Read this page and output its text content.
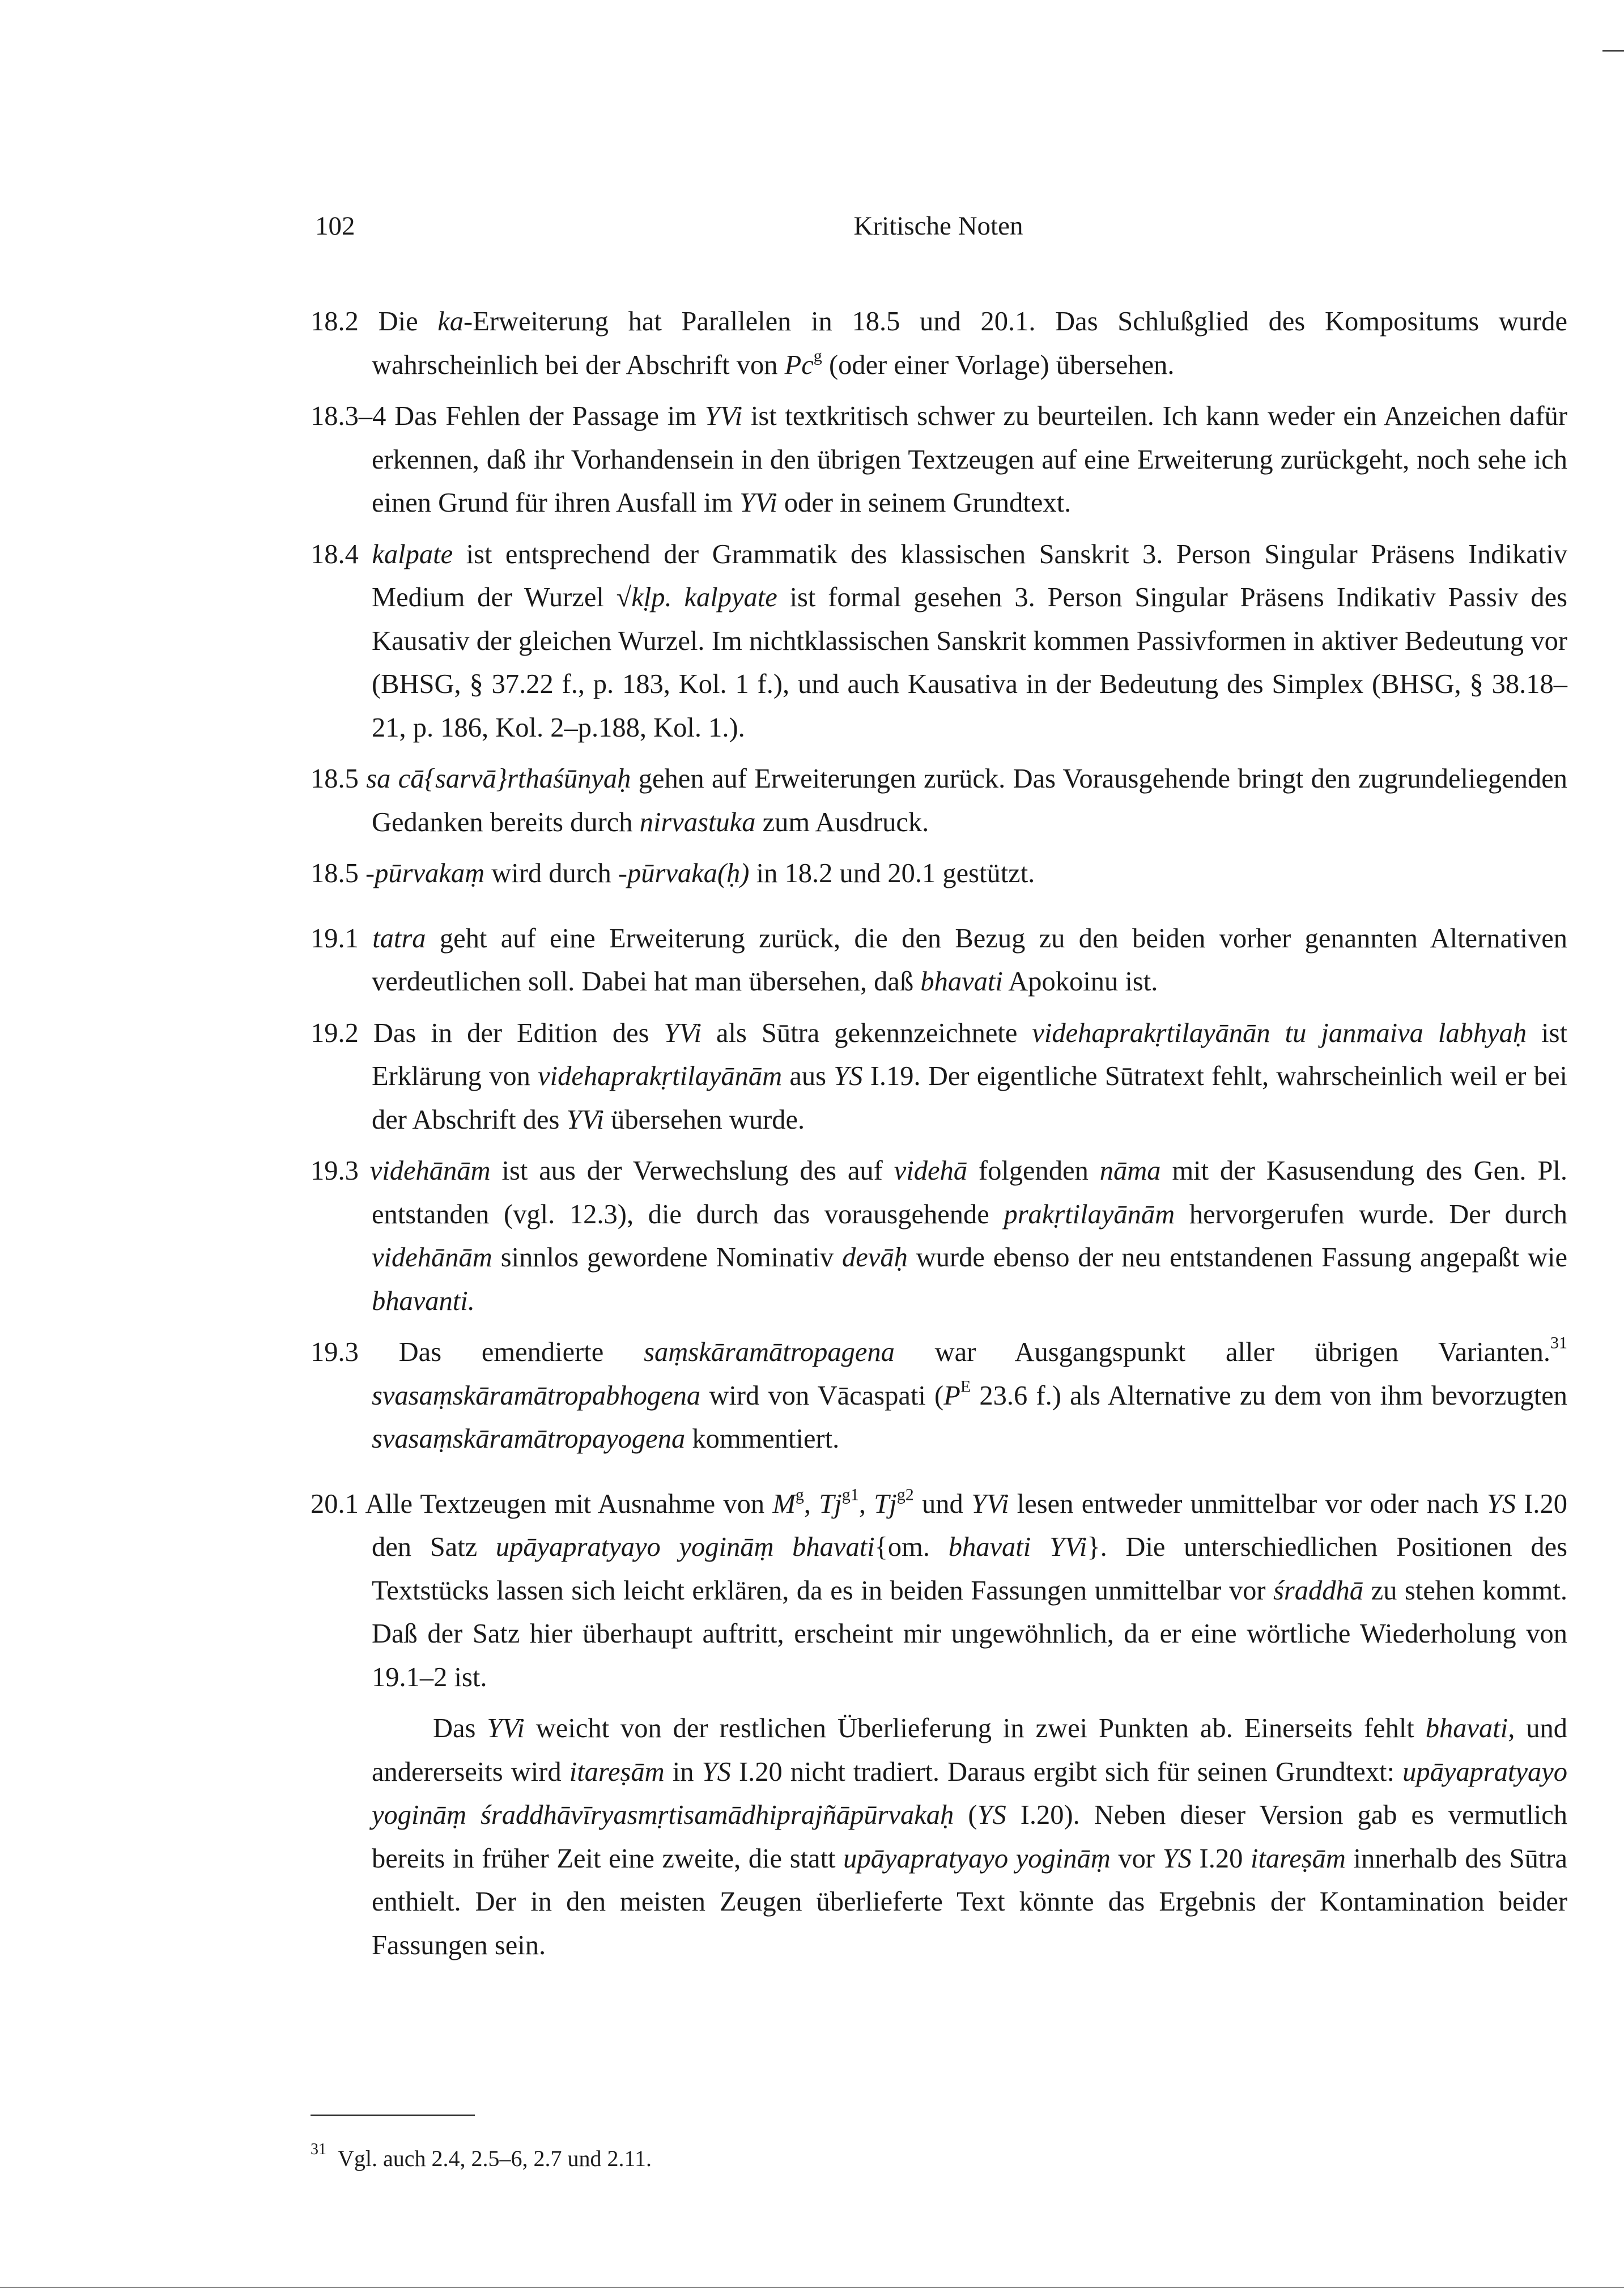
102	Kritische Noten

18.2 Die ka-Erweiterung hat Parallelen in 18.5 und 20.1. Das Schlußglied des Kompositums wurde wahrscheinlich bei der Abschrift von Pc$^g$ (oder einer Vorlage) übersehen.

18.3–4 Das Fehlen der Passage im YVi ist textkritisch schwer zu beurteilen. Ich kann weder ein Anzeichen dafür erkennen, daß ihr Vorhandensein in den übrigen Textzeugen auf eine Erweiterung zurückgeht, noch sehe ich einen Grund für ihren Ausfall im YVi oder in seinem Grundtext.

18.4 kalpate ist entsprechend der Grammatik des klassischen Sanskrit 3. Person Singular Präsens Indikativ Medium der Wurzel √kḷp. kalpyate ist formal gesehen 3. Person Singular Präsens Indikativ Passiv des Kausativ der gleichen Wurzel. Im nichtklassischen Sanskrit kommen Passivformen in aktiver Bedeutung vor (BHSG, § 37.22 f., p. 183, Kol. 1 f.), und auch Kausativa in der Bedeutung des Simplex (BHSG, § 38.18–21, p. 186, Kol. 2–p.188, Kol. 1.).

18.5 sa cā{sarvā}rthaśūnyaḥ gehen auf Erweiterungen zurück. Das Vorausgehende bringt den zugrundeliegenden Gedanken bereits durch nirvastuka zum Ausdruck.

18.5 -pūrvakaṃ wird durch -pūrvaka(ḥ) in 18.2 und 20.1 gestützt.

19.1 tatra geht auf eine Erweiterung zurück, die den Bezug zu den beiden vorher genannten Alternativen verdeutlichen soll. Dabei hat man übersehen, daß bhavati Apokoinu ist.

19.2 Das in der Edition des YVi als Sūtra gekennzeichnete videhaprakṛtilayānān tu janmaiva labhyaḥ ist Erklärung von videhaprakṛtilayānām aus YS I.19. Der eigentliche Sūtratext fehlt, wahrscheinlich weil er bei der Abschrift des YVi übersehen wurde.

19.3 videhānām ist aus der Verwechslung des auf videhā folgenden nāma mit der Kasusendung des Gen. Pl. entstanden (vgl. 12.3), die durch das vorausgehende prakṛtilayānām hervorgerufen wurde. Der durch videhānām sinnlos gewordene Nominativ devāḥ wurde ebenso der neu entstandenen Fassung angepaßt wie bhavanti.

19.3 Das emendierte saṃskāramātropagena war Ausgangspunkt aller übrigen Varianten.$^{31}$ svasaṃskāramātropabhogena wird von Vācaspati ($P^E$ 23.6 f.) als Alternative zu dem von ihm bevorzugten svasaṃskāramātropayogena kommentiert.

20.1 Alle Textzeugen mit Ausnahme von $M^g$, $Tj^{g1}$, $Tj^{g2}$ und YVi lesen entweder unmittelbar vor oder nach YS I.20 den Satz upāyapratyayo yogināṃ bhavati{om. bhavati YVi}. Die unterschiedlichen Positionen des Textstücks lassen sich leicht erklären, da es in beiden Fassungen unmittelbar vor śraddhā zu stehen kommt. Daß der Satz hier überhaupt auftritt, erscheint mir ungewöhnlich, da er eine wörtliche Wiederholung von 19.1–2 ist.

Das YVi weicht von der restlichen Überlieferung in zwei Punkten ab. Einerseits fehlt bhavati, und andererseits wird itareṣām in YS I.20 nicht tradiert. Daraus ergibt sich für seinen Grundtext: upāyapratyayo yogināṃ śraddhāvīryasmṛtisamādhiprajñāpūrvakaḥ (YS I.20). Neben dieser Version gab es vermutlich bereits in früher Zeit eine zweite, die statt upāyapratyayo yogināṃ vor YS I.20 itareṣām innerhalb des Sūtra enthielt. Der in den meisten Zeugen überlieferte Text könnte das Ergebnis der Kontamination beider Fassungen sein.

$^{31}$ Vgl. auch 2.4, 2.5–6, 2.7 und 2.11.
